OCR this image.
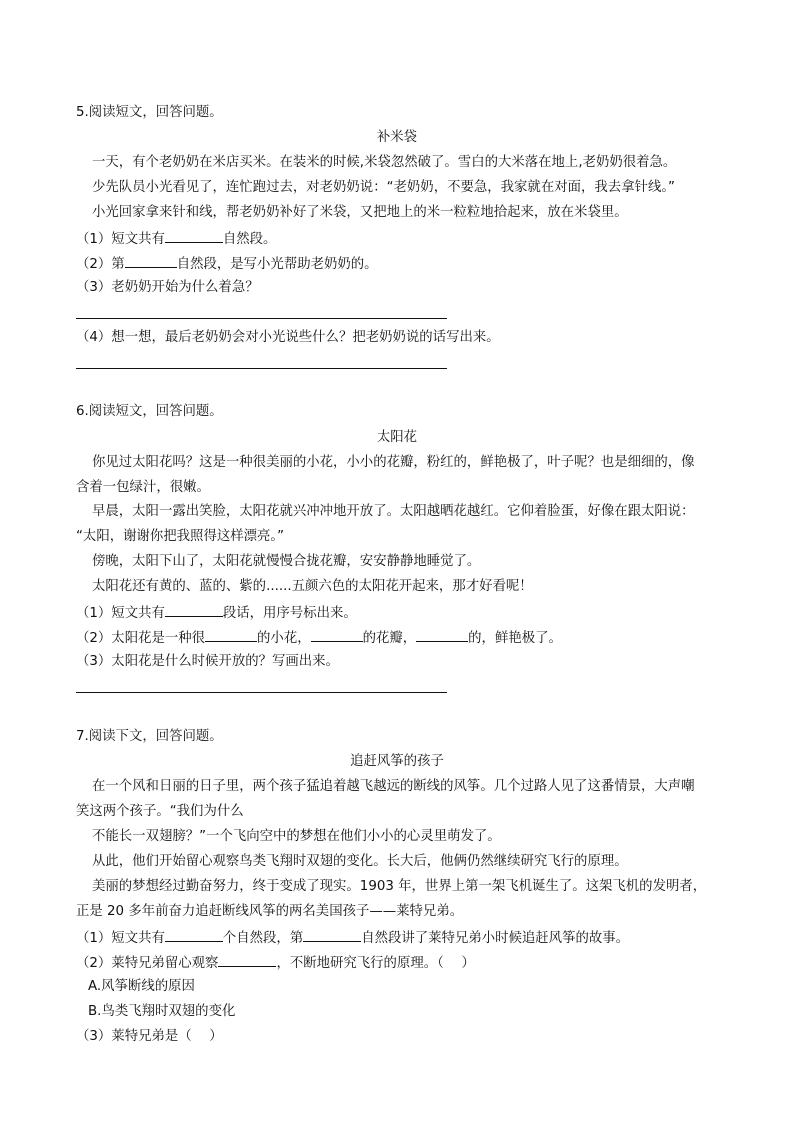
5.阅读短文，回答问题。
补米袋
一天，有个老奶奶在米店买米。在装米的时候,米袋忽然破了。雪白的大米落在地上,老奶奶很着急。
少先队员小光看见了，连忙跑过去，对老奶奶说：“老奶奶，不要急，我家就在对面，我去拿针线。”
小光回家拿来针和线，帮老奶奶补好了米袋，又把地上的米一粒粒地拾起来，放在米袋里。
（1）短文共有	自然段。
（2）第	自然段，是写小光帮助老奶奶的。
（3）老奶奶开始为什么着急？
（4）想一想，最后老奶奶会对小光说些什么？把老奶奶说的话写出来。
6.阅读短文，回答问题。
太阳花
你见过太阳花吗？这是一种很美丽的小花，小小的花瓣，粉红的，鲜艳极了，叶子呢？也是细细的，像
含着一包绿汁，很嫩。
早晨，太阳一露出笑脸，太阳花就兴冲冲地开放了。太阳越晒花越红。它仰着脸蛋，好像在跟太阳说：
“太阳，谢谢你把我照得这样漂亮。”
傍晚，太阳下山了，太阳花就慢慢合拢花瓣，安安静静地睡觉了。
太阳花还有黄的、蓝的、紫的......五颜六色的太阳花开起来，那才好看呢！
（1）短文共有	段话，用序号标出来。
（2）太阳花是一种很	的小花，	的花瓣，	的，鲜艳极了。
（3）太阳花是什么时候开放的？写画出来。
7.阅读下文，回答问题。
追赶风筝的孩子
在一个风和日丽的日子里，两个孩子猛追着越飞越远的断线的风筝。几个过路人见了这番情景，大声嘲
笑这两个孩子。“我们为什么
不能长一双翅膀？”一个飞向空中的梦想在他们小小的心灵里萌发了。
从此，他们开始留心观察鸟类飞翔时双翅的变化。长大后，他俩仍然继续研究飞行的原理。
美丽的梦想经过勤奋努力，终于变成了现实。1903 年，世界上第一架飞机诞生了。这架飞机的发明者，
正是 20 多年前奋力追赶断线风筝的两名美国孩子——莱特兄弟。
（1）短文共有	个自然段，第	自然段讲了莱特兄弟小时候追赶风筝的故事。
（2）莱特兄弟留心观察	，不断地研究飞行的原理。（　 ）
A.风筝断线的原因
B.鸟类飞翔时双翅的变化
（3）莱特兄弟是（　 ）
